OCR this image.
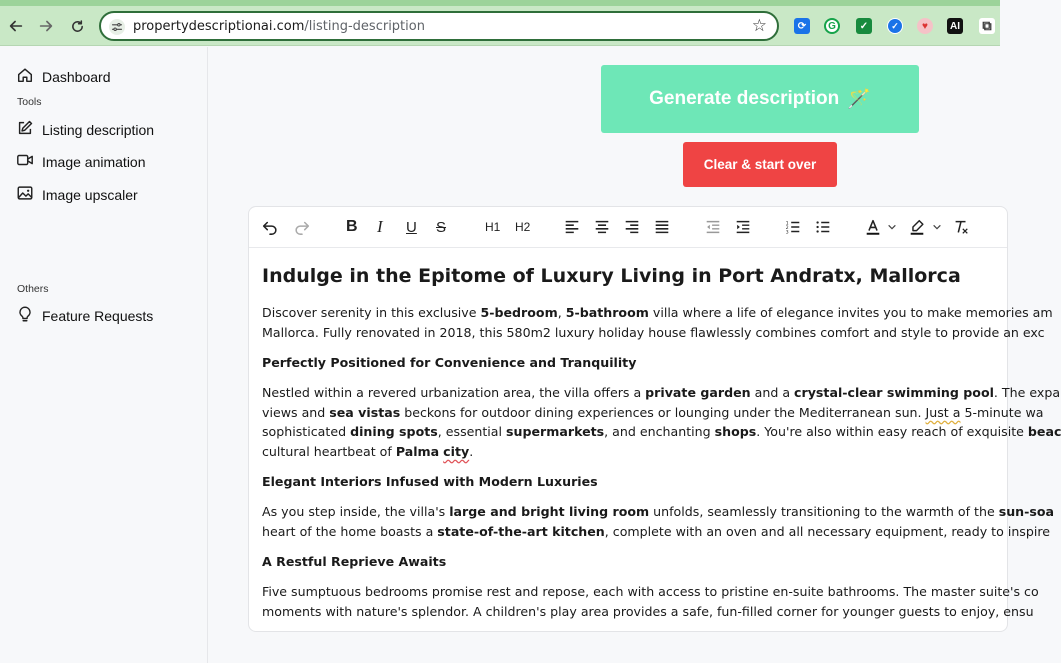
propertydescriptionai.com/listing-description	☆	⟳	G	✓	✓	♥	AI ⧉
Dashboard
Tools
Listing description
Image animation
Image upscaler
Others
Feature Requests
Generate description 🪄
Clear & start over
B I U S	H1 H2	1
2
3
Indulge in the Epitome of Luxury Living in Port Andratx, Mallorca

Discover serenity in this exclusive 5-bedroom, 5-bathroom villa where a life of elegance invites you to make memories am
Mallorca. Fully renovated in 2018, this 580m2 luxury holiday house flawlessly combines comfort and style to provide an exc

Perfectly Positioned for Convenience and Tranquility

Nestled within a revered urbanization area, the villa offers a private garden and a crystal-clear swimming pool. The expa
views and sea vistas beckons for outdoor dining experiences or lounging under the Mediterranean sun. Just a 5-minute wa
sophisticated dining spots, essential supermarkets, and enchanting shops. You're also within easy reach of exquisite beac
cultural heartbeat of Palma city.

Elegant Interiors Infused with Modern Luxuries

As you step inside, the villa's large and bright living room unfolds, seamlessly transitioning to the warmth of the sun-soa
heart of the home boasts a state-of-the-art kitchen, complete with an oven and all necessary equipment, ready to inspire

A Restful Reprieve Awaits

Five sumptuous bedrooms promise rest and repose, each with access to pristine en-suite bathrooms. The master suite's co
moments with nature's splendor. A children's play area provides a safe, fun-filled corner for younger guests to enjoy, ensu
